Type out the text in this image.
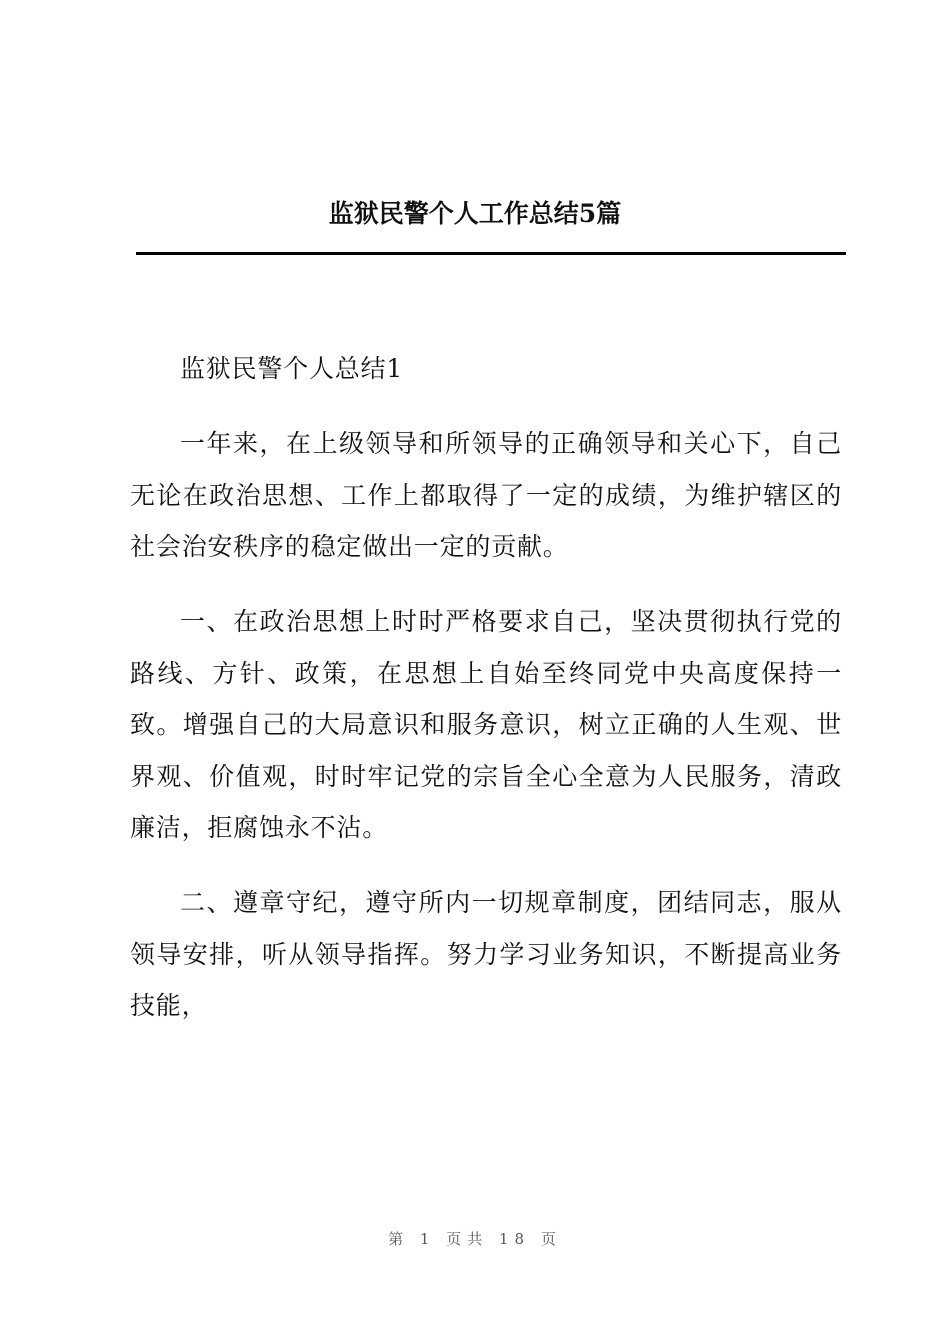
监狱民警个人工作总结5篇

监狱民警个人总结1

一年来，在上级领导和所领导的正确领导和关心下，自己无论在政治思想、工作上都取得了一定的成绩，为维护辖区的社会治安秩序的稳定做出一定的贡献。

一、在政治思想上时时严格要求自己，坚决贯彻执行党的路线、方针、政策，在思想上自始至终同党中央高度保持一致。增强自己的大局意识和服务意识，树立正确的人生观、世界观、价值观，时时牢记党的宗旨全心全意为人民服务，清政廉洁，拒腐蚀永不沾。

二、遵章守纪，遵守所内一切规章制度，团结同志，服从领导安排，听从领导指挥。努力学习业务知识，不断提高业务技能，

第 1 页共 18 页
